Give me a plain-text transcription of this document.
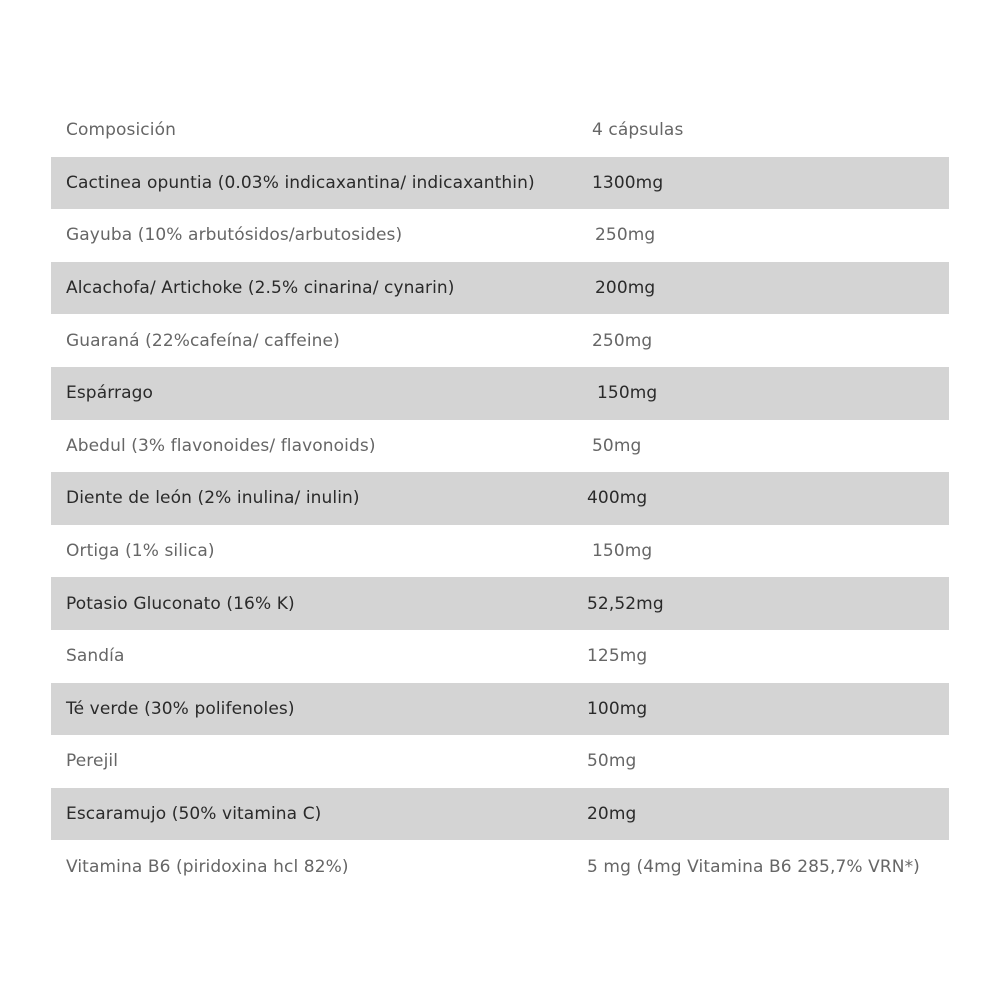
Composición	4 cápsulas
Cactinea opuntia (0.03% indicaxantina/ indicaxanthin)	1300mg
Gayuba (10% arbutósidos/arbutosides)	250mg
Alcachofa/ Artichoke (2.5% cinarina/ cynarin)	200mg
Guaraná (22%cafeína/ caffeine)	250mg
Espárrago	150mg
Abedul (3% flavonoides/ flavonoids)	50mg
Diente de león (2% inulina/ inulin)	400mg
Ortiga (1% silica)	150mg
Potasio Gluconato (16% K)	52,52mg
Sandía	125mg
Té verde (30% polifenoles)	100mg
Perejil	50mg
Escaramujo (50% vitamina C)	20mg
Vitamina B6 (piridoxina hcl 82%)	5 mg (4mg Vitamina B6 285,7% VRN*)
